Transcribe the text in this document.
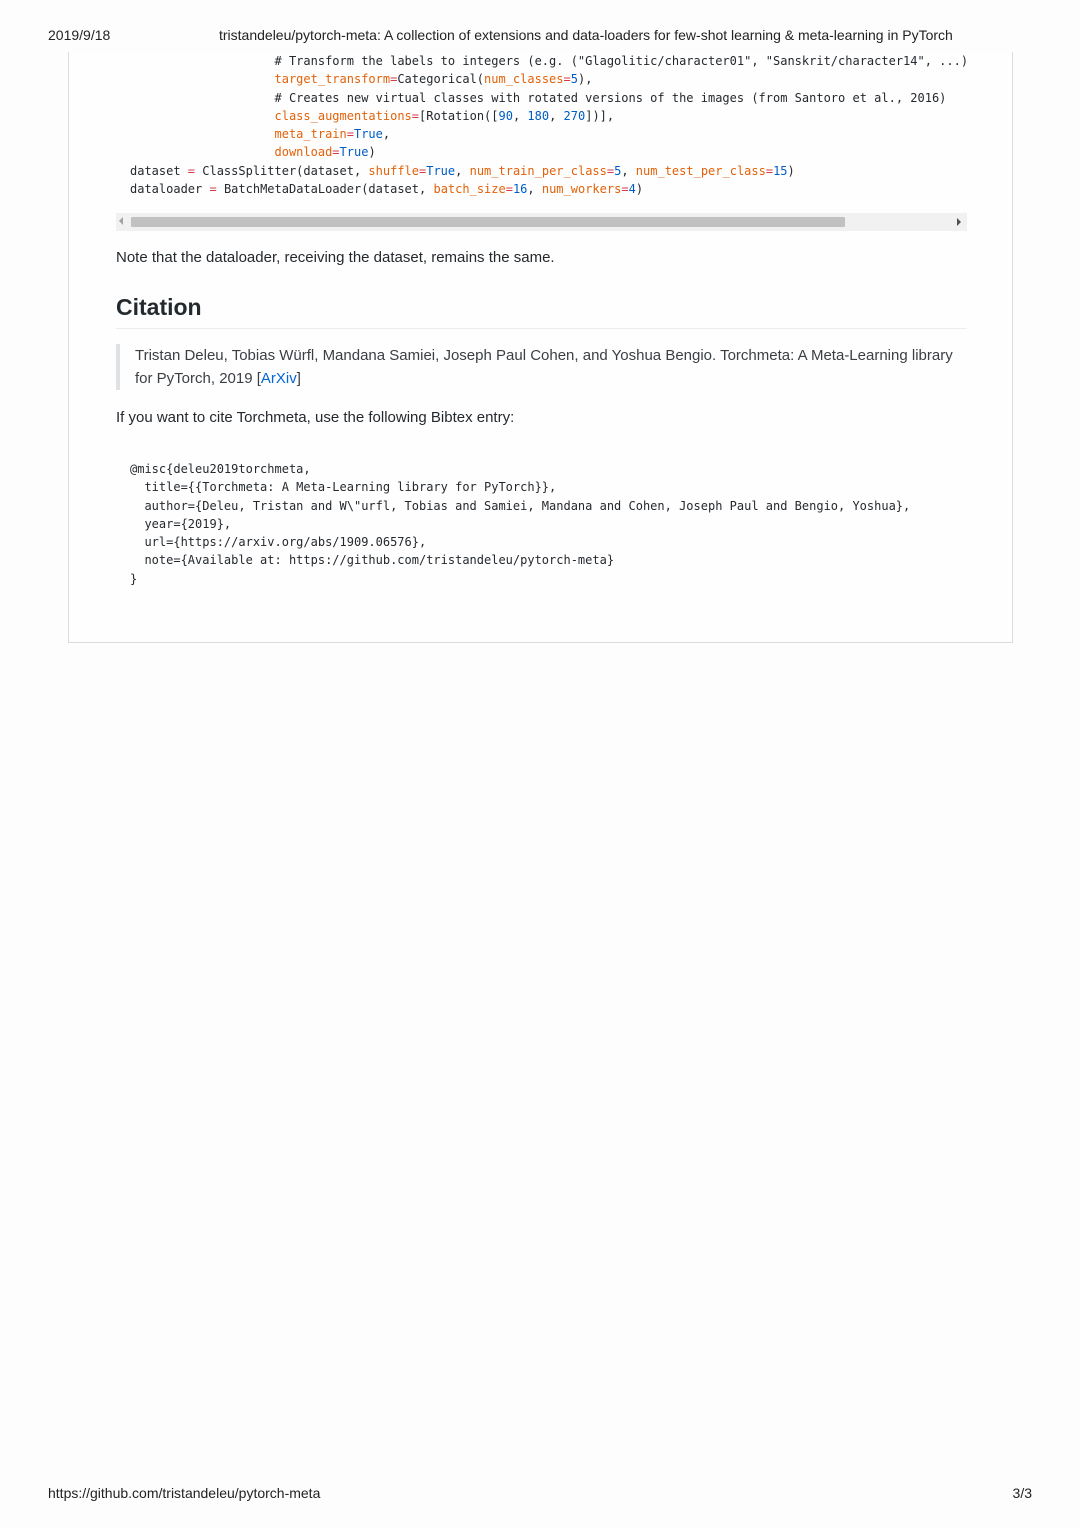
2019/9/18	tristandeleu/pytorch-meta: A collection of extensions and data-loaders for few-shot learning & meta-learning in PyTorch
# Transform the labels to integers (e.g. ("Glagolitic/character01", "Sanskrit/character14", ...)
target_transform=Categorical(num_classes=5),
# Creates new virtual classes with rotated versions of the images (from Santoro et al., 2016)
class_augmentations=[Rotation([90, 180, 270])],
meta_train=True,
download=True)
dataset = ClassSplitter(dataset, shuffle=True, num_train_per_class=5, num_test_per_class=15)
dataloader = BatchMetaDataLoader(dataset, batch_size=16, num_workers=4)
Note that the dataloader, receiving the dataset, remains the same.
Citation
Tristan Deleu, Tobias Würfl, Mandana Samiei, Joseph Paul Cohen, and Yoshua Bengio. Torchmeta: A Meta-Learning library for PyTorch, 2019 [ArXiv]
If you want to cite Torchmeta, use the following Bibtex entry:
@misc{deleu2019torchmeta,
title={{Torchmeta: A Meta-Learning library for PyTorch}},
author={Deleu, Tristan and W\"urfl, Tobias and Samiei, Mandana and Cohen, Joseph Paul and Bengio, Yoshua},
year={2019},
url={https://arxiv.org/abs/1909.06576},
note={Available at: https://github.com/tristandeleu/pytorch-meta}
}
https://github.com/tristandeleu/pytorch-meta	3/3
